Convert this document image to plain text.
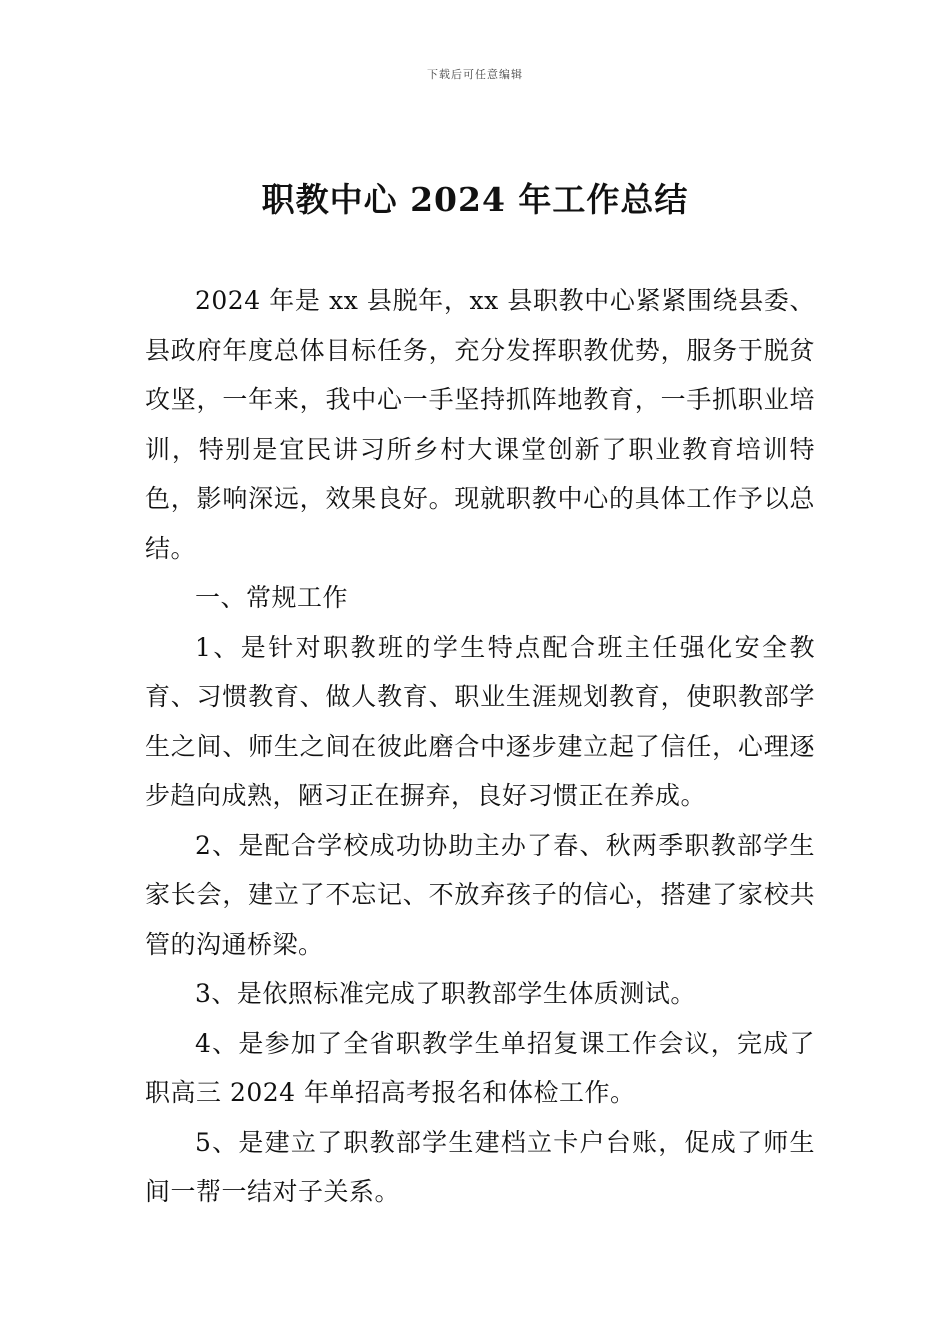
下载后可任意编辑
职教中心 2024 年工作总结

2024 年是 xx 县脱年，xx 县职教中心紧紧围绕县委、县政府年度总体目标任务，充分发挥职教优势，服务于脱贫攻坚，一年来，我中心一手坚持抓阵地教育，一手抓职业培训，特别是宜民讲习所乡村大课堂创新了职业教育培训特色，影响深远，效果良好。现就职教中心的具体工作予以总结。

一、常规工作

1、是针对职教班的学生特点配合班主任强化安全教育、习惯教育、做人教育、职业生涯规划教育，使职教部学生之间、师生之间在彼此磨合中逐步建立起了信任，心理逐步趋向成熟，陋习正在摒弃，良好习惯正在养成。

2、是配合学校成功协助主办了春、秋两季职教部学生家长会，建立了不忘记、不放弃孩子的信心，搭建了家校共管的沟通桥梁。

3、是依照标准完成了职教部学生体质测试。

4、是参加了全省职教学生单招复课工作会议，完成了职高三 2024 年单招高考报名和体检工作。

5、是建立了职教部学生建档立卡户台账，促成了师生间一帮一结对子关系。
